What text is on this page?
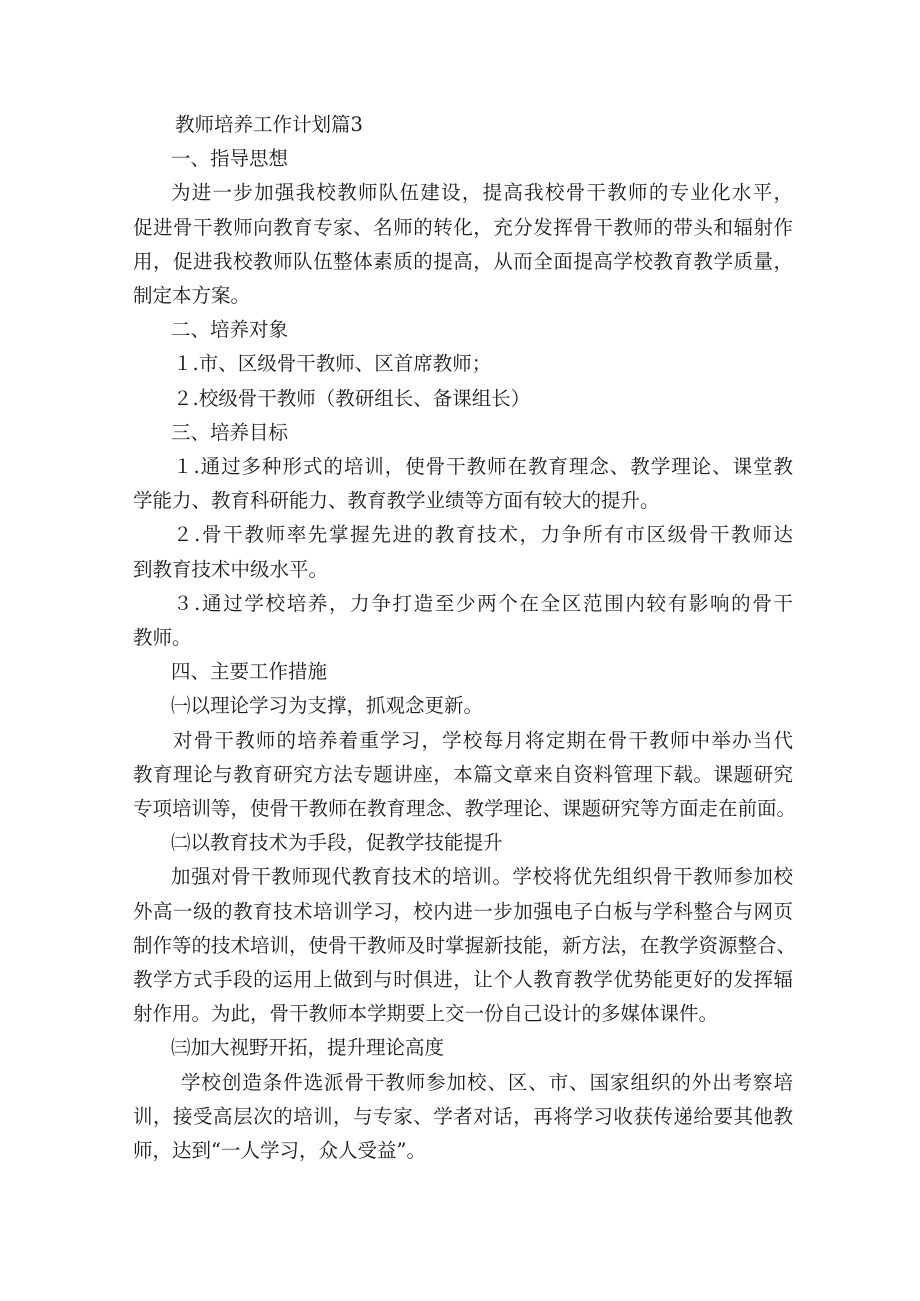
教师培养工作计划篇3

一、指导思想

为进一步加强我校教师队伍建设，提高我校骨干教师的专业化水平，
促进骨干教师向教育专家、名师的转化，充分发挥骨干教师的带头和辐射作
用，促进我校教师队伍整体素质的提高，从而全面提高学校教育教学质量，
制定本方案。

二、培养对象

１.市、区级骨干教师、区首席教师；

２.校级骨干教师（教研组长、备课组长）

三、培养目标

１.通过多种形式的培训，使骨干教师在教育理念、教学理论、课堂教
学能力、教育科研能力、教育教学业绩等方面有较大的提升。
２.骨干教师率先掌握先进的教育技术，力争所有市区级骨干教师达
到教育技术中级水平。
３.通过学校培养，力争打造至少两个在全区范围内较有影响的骨干
教师。

四、主要工作措施

㈠以理论学习为支撑，抓观念更新。

对骨干教师的培养着重学习，学校每月将定期在骨干教师中举办当代
教育理论与教育研究方法专题讲座，本篇文章来自资料管理下载。课题研究
专项培训等，使骨干教师在教育理念、教学理论、课题研究等方面走在前面。

㈡以教育技术为手段，促教学技能提升

加强对骨干教师现代教育技术的培训。学校将优先组织骨干教师参加校
外高一级的教育技术培训学习，校内进一步加强电子白板与学科整合与网页
制作等的技术培训，使骨干教师及时掌握新技能，新方法，在教学资源整合、
教学方式手段的运用上做到与时俱进，让个人教育教学优势能更好的发挥辐
射作用。为此，骨干教师本学期要上交一份自己设计的多媒体课件。

㈢加大视野开拓，提升理论高度

学校创造条件选派骨干教师参加校、区、市、国家组织的外出考察培
训，接受高层次的培训，与专家、学者对话，再将学习收获传递给要其他教
师，达到“一人学习，众人受益”。
